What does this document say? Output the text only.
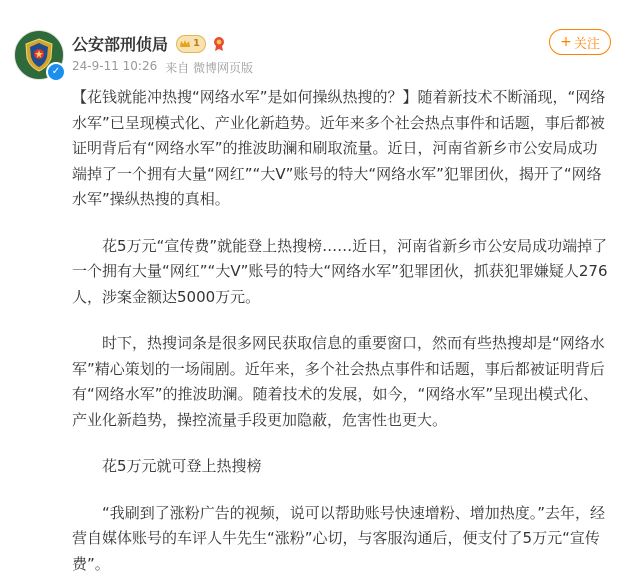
✓
公安部刑侦局	1
24-9-11 10:26 来自 微博网页版
+ 关注

【花钱就能冲热搜“网络水军”是如何操纵热搜的？】随着新技术不断涌现，“网络水军”已呈现模式化、产业化新趋势。近年来多个社会热点事件和话题，事后都被证明背后有“网络水军”的推波助澜和刷取流量。近日，河南省新乡市公安局成功端掉了一个拥有大量“网红”“大V”账号的特大“网络水军”犯罪团伙，揭开了“网络水军”操纵热搜的真相。

花5万元“宣传费”就能登上热搜榜……近日，河南省新乡市公安局成功端掉了一个拥有大量“网红”“大V”账号的特大“网络水军”犯罪团伙，抓获犯罪嫌疑人276人，涉案金额达5000万元。

时下，热搜词条是很多网民获取信息的重要窗口，然而有些热搜却是“网络水军”精心策划的一场闹剧。近年来，多个社会热点事件和话题，事后都被证明背后有“网络水军”的推波助澜。随着技术的发展，如今，“网络水军”呈现出模式化、产业化新趋势，操控流量手段更加隐蔽，危害性也更大。

花5万元就可登上热搜榜

“我刷到了涨粉广告的视频，说可以帮助账号快速增粉、增加热度。”去年，经营自媒体账号的车评人牛先生“涨粉”心切，与客服沟通后，便支付了5万元“宣传费”。
